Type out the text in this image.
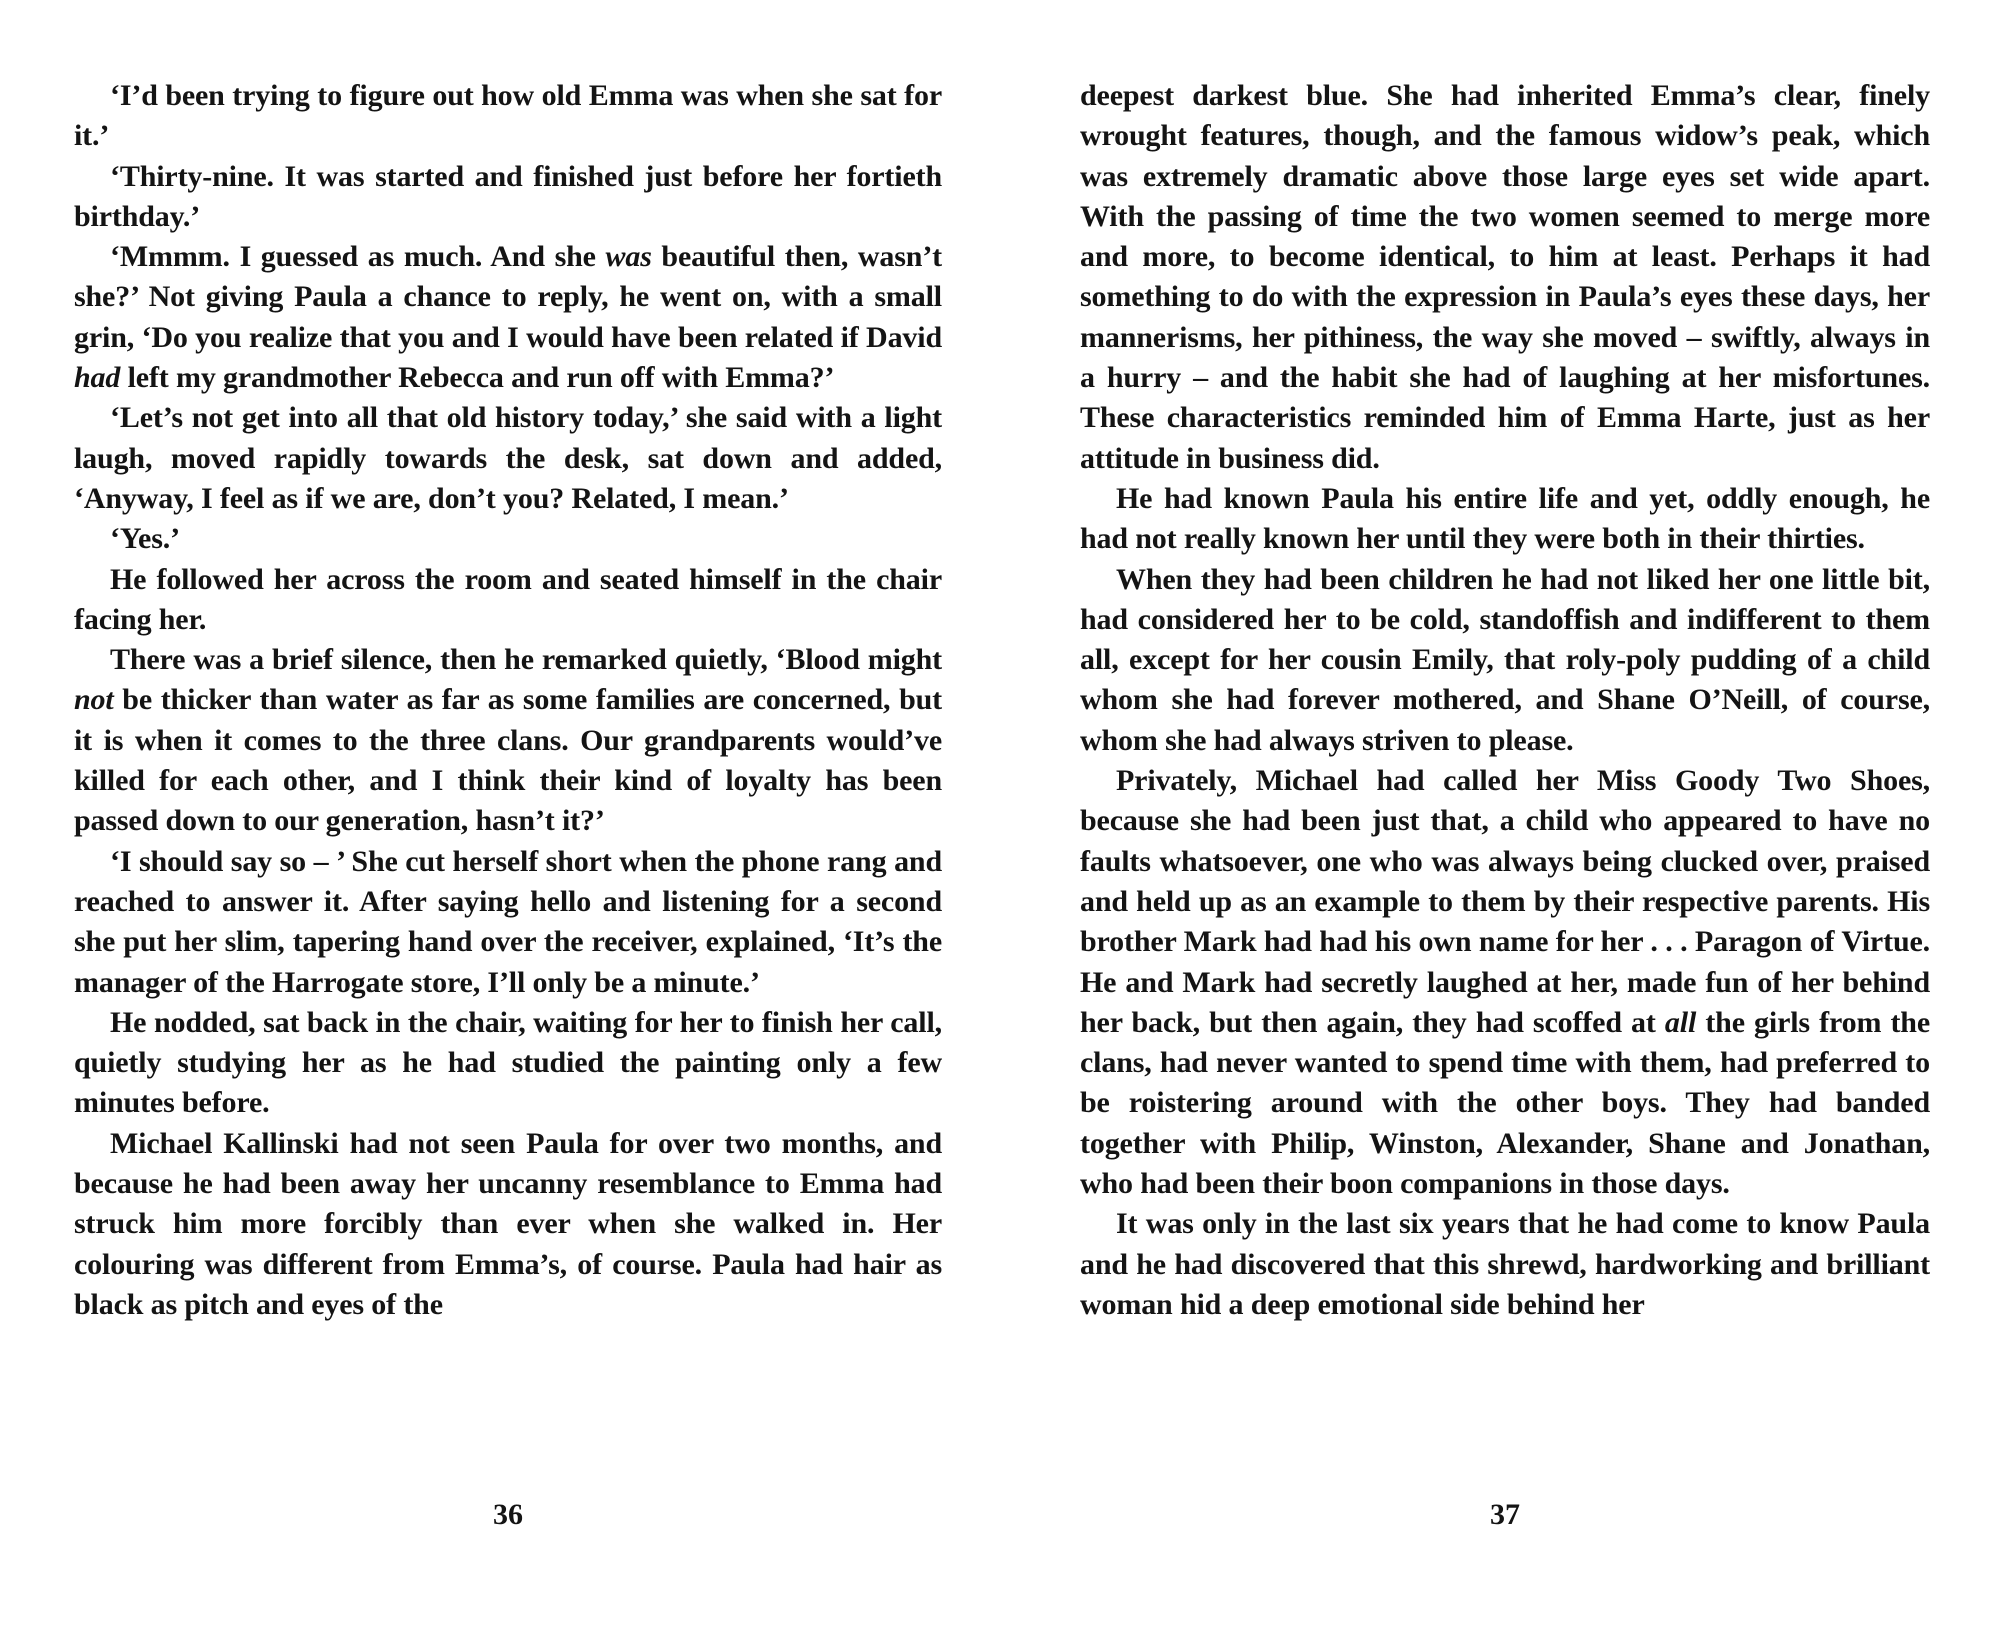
‘I’d been trying to figure out how old Emma was when she sat for it.’

‘Thirty-nine. It was started and finished just before her fortieth birthday.’

‘Mmmm. I guessed as much. And she was beautiful then, wasn’t she?’ Not giving Paula a chance to reply, he went on, with a small grin, ‘Do you realize that you and I would have been related if David had left my grandmother Rebecca and run off with Emma?’

‘Let’s not get into all that old history today,’ she said with a light laugh, moved rapidly towards the desk, sat down and added, ‘Anyway, I feel as if we are, don’t you? Related, I mean.’

‘Yes.’

He followed her across the room and seated himself in the chair facing her.

There was a brief silence, then he remarked quietly, ‘Blood might not be thicker than water as far as some families are concerned, but it is when it comes to the three clans. Our grandparents would’ve killed for each other, and I think their kind of loyalty has been passed down to our generation, hasn’t it?’

‘I should say so – ’ She cut herself short when the phone rang and reached to answer it. After saying hello and listening for a second she put her slim, tapering hand over the receiver, explained, ‘It’s the manager of the Harrogate store, I’ll only be a minute.’

He nodded, sat back in the chair, waiting for her to finish her call, quietly studying her as he had studied the painting only a few minutes before.

Michael Kallinski had not seen Paula for over two months, and because he had been away her uncanny resemblance to Emma had struck him more forcibly than ever when she walked in. Her colouring was different from Emma’s, of course. Paula had hair as black as pitch and eyes of the

36

deepest darkest blue. She had inherited Emma’s clear, finely wrought features, though, and the famous widow’s peak, which was extremely dramatic above those large eyes set wide apart. With the passing of time the two women seemed to merge more and more, to become identical, to him at least. Perhaps it had something to do with the expression in Paula’s eyes these days, her mannerisms, her pithiness, the way she moved – swiftly, always in a hurry – and the habit she had of laughing at her misfortunes. These characteristics reminded him of Emma Harte, just as her attitude in business did.

He had known Paula his entire life and yet, oddly enough, he had not really known her until they were both in their thirties.

When they had been children he had not liked her one little bit, had considered her to be cold, standoffish and indifferent to them all, except for her cousin Emily, that roly-poly pudding of a child whom she had forever mothered, and Shane O’Neill, of course, whom she had always striven to please.

Privately, Michael had called her Miss Goody Two Shoes, because she had been just that, a child who appeared to have no faults whatsoever, one who was always being clucked over, praised and held up as an example to them by their respective parents. His brother Mark had had his own name for her . . . Paragon of Virtue. He and Mark had secretly laughed at her, made fun of her behind her back, but then again, they had scoffed at all the girls from the clans, had never wanted to spend time with them, had preferred to be roistering around with the other boys. They had banded together with Philip, Winston, Alexander, Shane and Jonathan, who had been their boon companions in those days.

It was only in the last six years that he had come to know Paula and he had discovered that this shrewd, hardworking and brilliant woman hid a deep emotional side behind her

37
